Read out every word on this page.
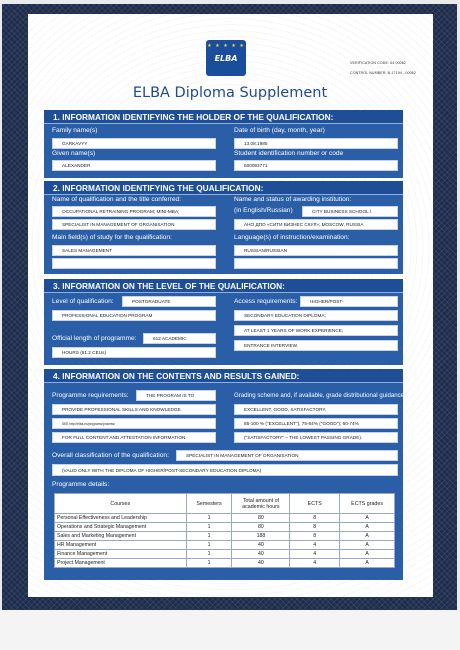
★ ★ ★ ★ ★
ELBA	VERIFICATION CODE: 64 00062
CONTROL NUMBER: B-17194 - 00062
ELBA Diploma Supplement
1. INFORMATION IDENTIFYING THE HOLDER OF THE QUALIFICATION:
Family name(s)
GARKAVYY
Given name(s)
ALEXANDER
Date of birth (day, month, year)
13.08.1985
Student identification number or code
600093771
2. INFORMATION IDENTIFYING THE QUALIFICATION:
Name of qualification and the title conferred:
OCCUPATIONAL RETRAINING PROGRAM; MINI-MBA;
SPECIALIST IN MANAGEMENT OF ORGANISATION
Main field(s) of study for the qualification:
SALES MANAGEMENT
Name and status of awarding institution:
(in English/Russian)	CITY BUSINESS SCHOOL /
АНО ДПО «СИТИ БИЗНЕС СКУЛ»; MOSCOW, RUSSIA
Language(s) of instruction/examination:
RUSSIAN/RUSSIAN
3. INFORMATION ON THE LEVEL OF THE QUALIFICATION:
Level of qualification:	POSTGRADUATE
PROFESSIONAL EDUCATION PROGRAM
Official length of programme:	612 ACADEMIC
HOURS (61.2 CEUs)
Access requirements:	HIGHER/POST-
SECONDARY EDUCATION DIPLOMA;
AT LEAST 1 YEARS OF WORK EXPERIENCE;
ENTRANCE INTERVIEW.
4. INFORMATION ON THE CONTENTS AND RESULTS GAINED:
Programme requirements:	THE PROGRAM IS TO
PROVIDE PROFESSIONAL SKILLS AND KNOWLEDGE.
SEE http://elba.eu/programs/process/
FOR FULL CONTENT AND ATTESTATION INFORMATION
Grading scheme and, if available, grade distributional guidance:
EXCELLENT, GOOD, SATISFACTORY.
85-100 % ("EXCELLENT"); 75-84% ("GOOD"); 60-74%
("SATISFACTORY" – THE LOWEST PASSING GRADE).
Overall classification of the qualification:	SPECIALIST IN MANAGEMENT OF ORGANISATION
(VALID ONLY WITH THE DIPLOMA OF HIGHER/POST-SECONDARY EDUCATION DIPLOMA)
Programme details:
Courses	Semesters	Total amount of academic hours	ECTS	ECTS grades
Personal Effectiveness and Leadership	1	80	8	A
Operations and Strategic Management	1	80	8	A
Sales and Marketing Management	1	188	8	A
HR Management	1	40	4	A
Finance Management	1	40	4	A
Project Management	1	40	4	A
